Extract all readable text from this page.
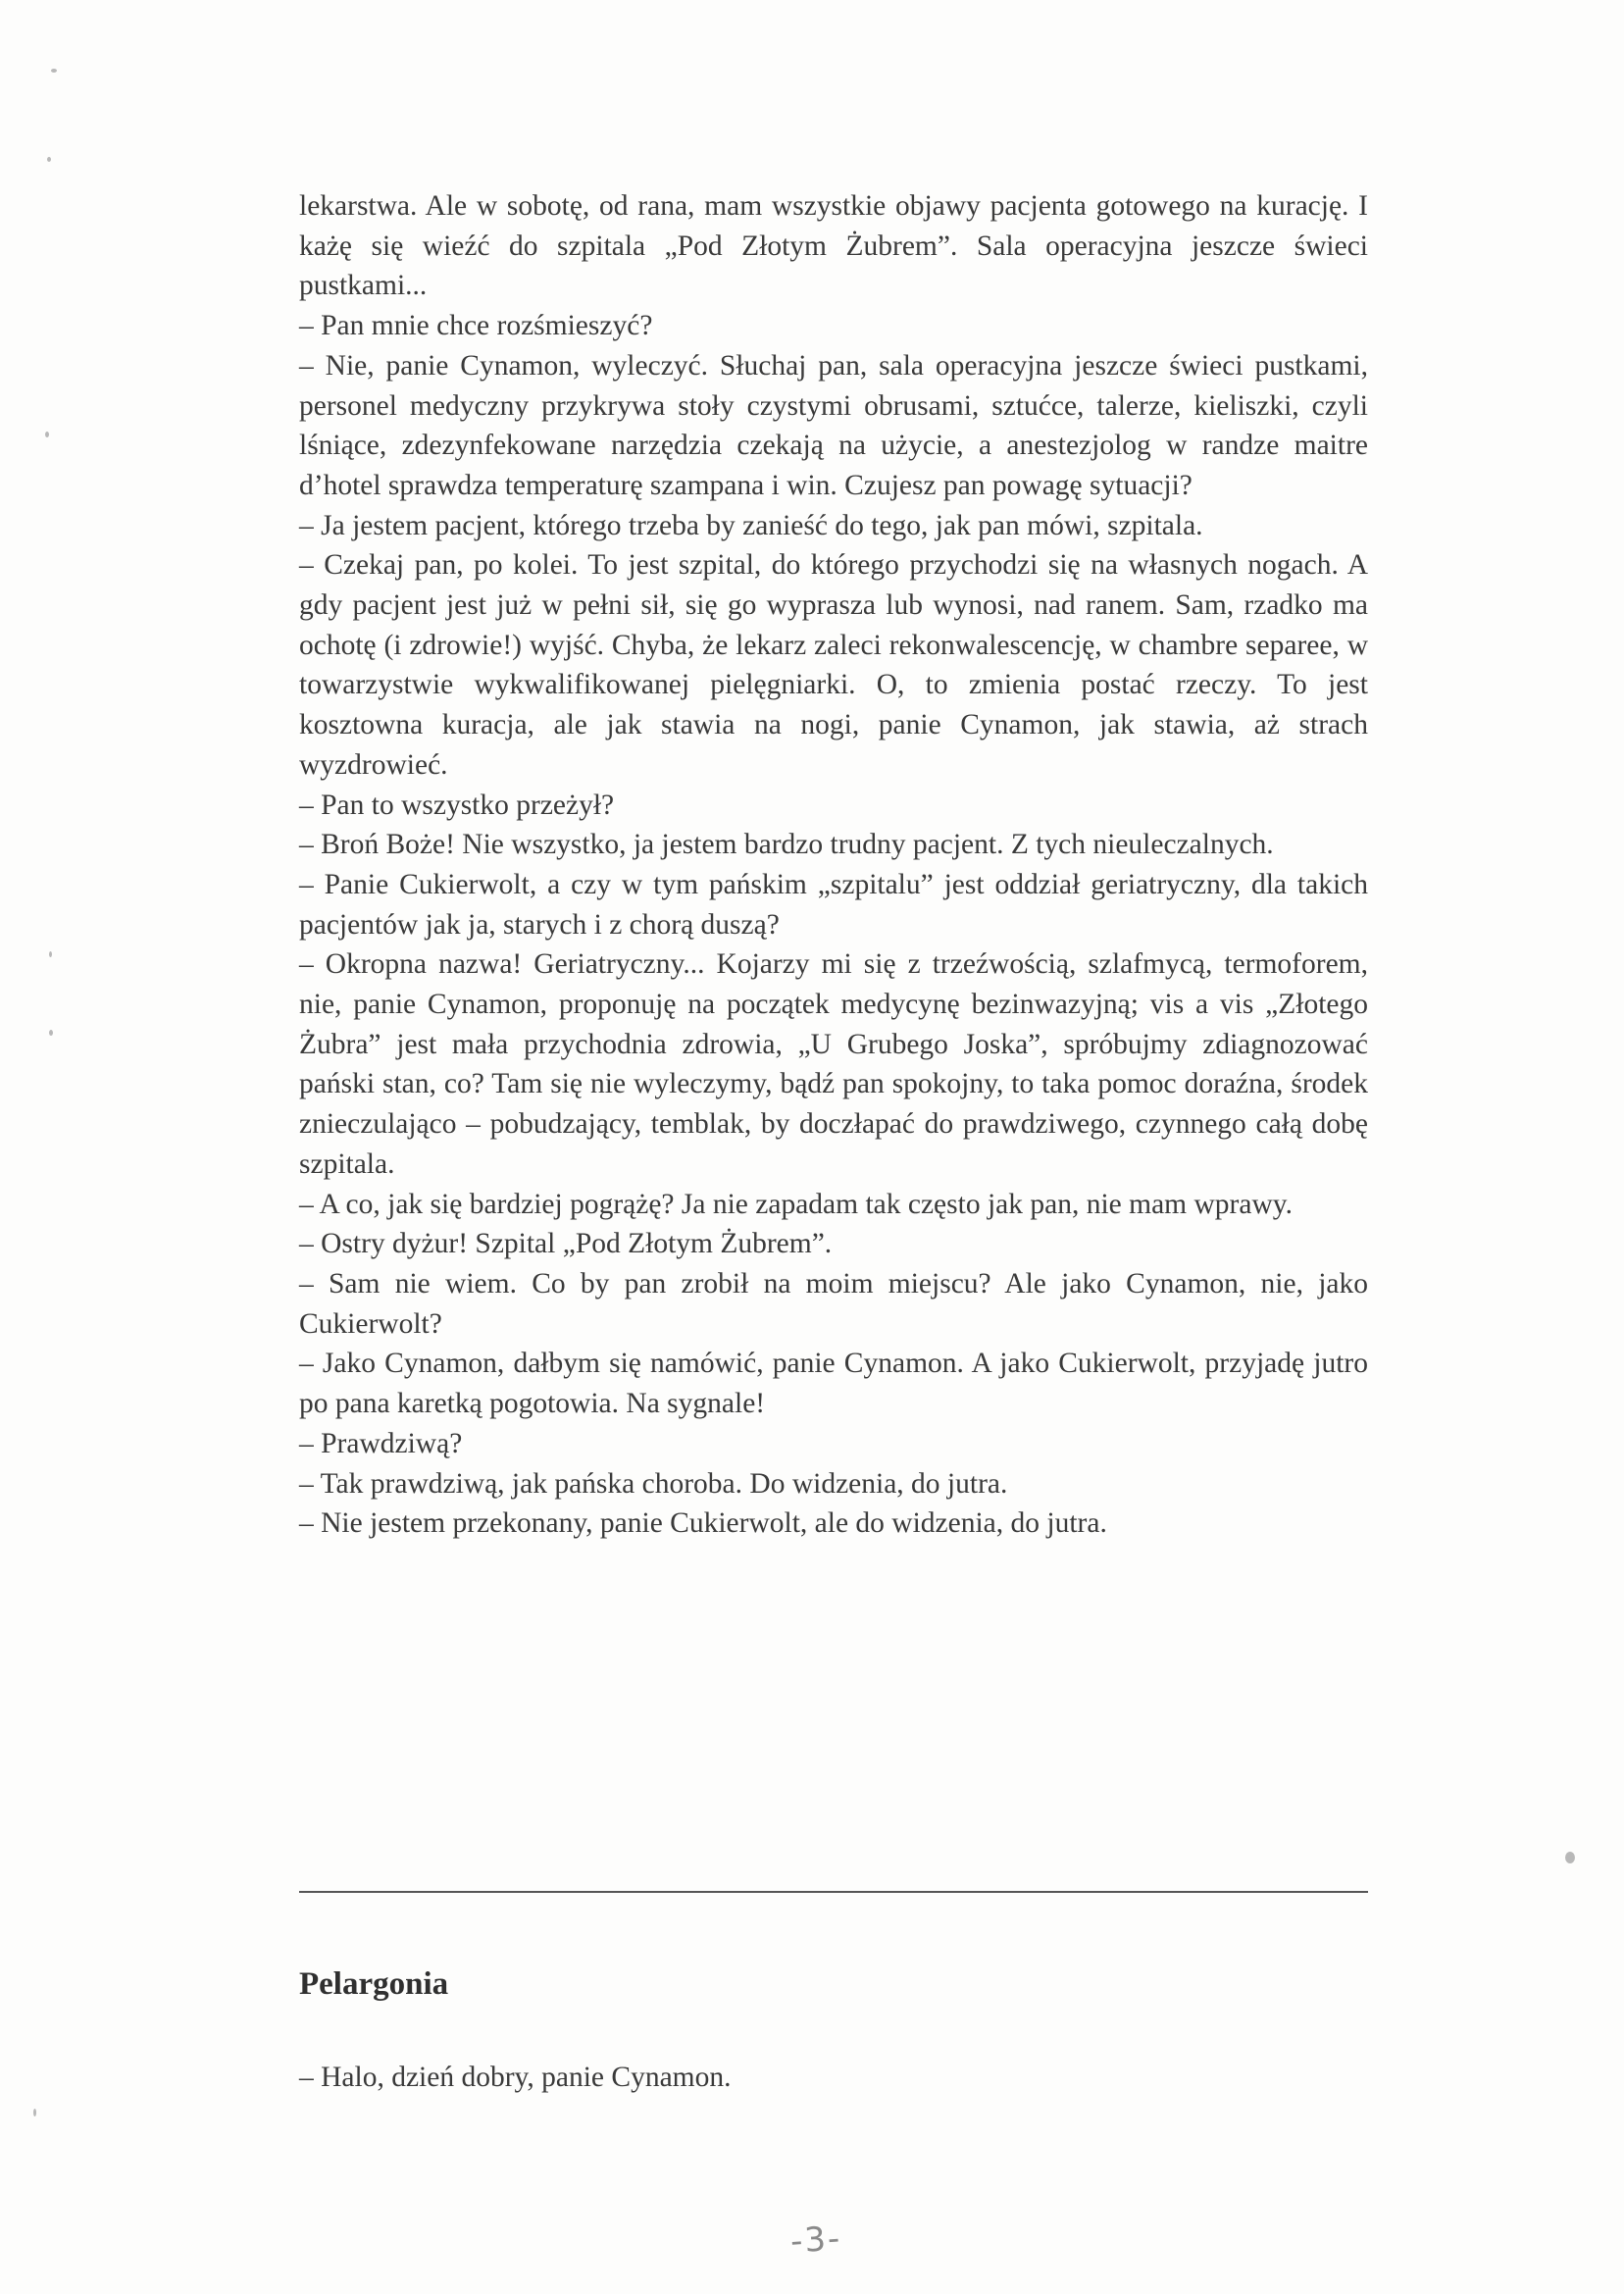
lekarstwa. Ale w sobotę, od rana, mam wszystkie objawy pacjenta gotowego na kurację. I każę się wieźć do szpitala „Pod Złotym Żubrem”. Sala operacyjna jeszcze świeci pustkami...

– Pan mnie chce rozśmieszyć?

– Nie, panie Cynamon, wyleczyć. Słuchaj pan, sala operacyjna jeszcze świeci pustkami, personel medyczny przykrywa stoły czystymi obrusami, sztućce, talerze, kieliszki, czyli lśniące, zdezynfekowane narzędzia czekają na użycie, a anestezjolog w randze maitre d’hotel sprawdza temperaturę szampana i win. Czujesz pan powagę sytuacji?

– Ja jestem pacjent, którego trzeba by zanieść do tego, jak pan mówi, szpitala.

– Czekaj pan, po kolei. To jest szpital, do którego przychodzi się na własnych nogach. A gdy pacjent jest już w pełni sił, się go wyprasza lub wynosi, nad ranem. Sam, rzadko ma ochotę (i zdrowie!) wyjść. Chyba, że lekarz zaleci rekonwalescencję, w chambre separee, w towarzystwie wykwalifikowanej pielęgniarki. O, to zmienia postać rzeczy. To jest kosztowna kuracja, ale jak stawia na nogi, panie Cynamon, jak stawia, aż strach wyzdrowieć.

– Pan to wszystko przeżył?

– Broń Boże! Nie wszystko, ja jestem bardzo trudny pacjent. Z tych nieuleczalnych.

– Panie Cukierwolt, a czy w tym pańskim „szpitalu” jest oddział geriatryczny, dla takich pacjentów jak ja, starych i z chorą duszą?

– Okropna nazwa! Geriatryczny... Kojarzy mi się z trzeźwością, szlafmycą, termoforem, nie, panie Cynamon, proponuję na początek medycynę bezinwazyjną; vis a vis „Złotego Żubra” jest mała przychodnia zdrowia, „U Grubego Joska”, spróbujmy zdiagnozować pański stan, co? Tam się nie wyleczymy, bądź pan spokojny, to taka pomoc doraźna, środek znieczulająco – pobudzający, temblak, by doczłapać do prawdziwego, czynnego całą dobę szpitala.

– A co, jak się bardziej pogrążę? Ja nie zapadam tak często jak pan, nie mam wprawy.

– Ostry dyżur! Szpital „Pod Złotym Żubrem”.

– Sam nie wiem. Co by pan zrobił na moim miejscu? Ale jako Cynamon, nie, jako Cukierwolt?

– Jako Cynamon, dałbym się namówić, panie Cynamon. A jako Cukierwolt, przyjadę jutro po pana karetką pogotowia. Na sygnale!

– Prawdziwą?

– Tak prawdziwą, jak pańska choroba. Do widzenia, do jutra.

– Nie jestem przekonany, panie Cukierwolt, ale do widzenia, do jutra.

Pelargonia

– Halo, dzień dobry, panie Cynamon.

-3-
